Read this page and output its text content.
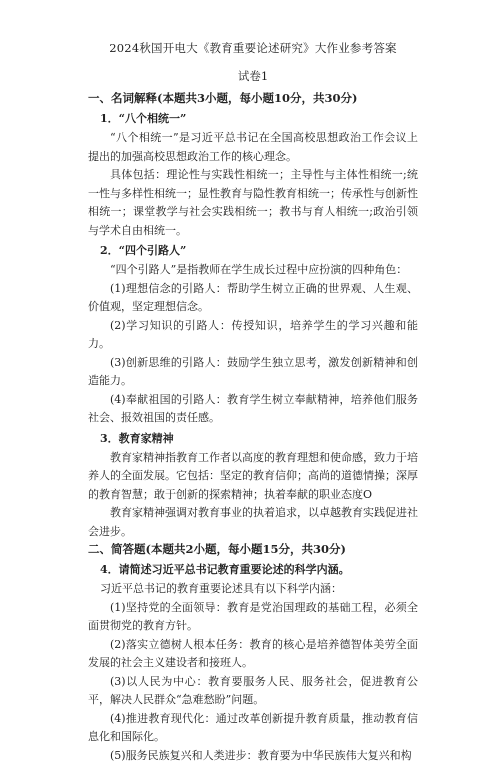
2024秋国开电大《教育重要论述研究》大作业参考答案
试卷1
一、名词解释(本题共3小题，每小题10分，共30分)
1．“八个相统一”

“八个相统一”是习近平总书记在全国高校思想政治工作会议上提出的加强高校思想政治工作的核心理念。

具体包括：理论性与实践性相统一；主导性与主体性相统一;统一性与多样性相统一；显性教育与隐性教育相统一；传承性与创新性相统一；课堂教学与社会实践相统一；教书与育人相统一;政治引领与学术自由相统一。

2．“四个引路人”

“四个引路人”是指教师在学生成长过程中应扮演的四种角色：

(1)理想信念的引路人：帮助学生树立正确的世界观、人生观、价值观，坚定理想信念。

(2)学习知识的引路人：传授知识，培养学生的学习兴趣和能力。

(3)创新思维的引路人：鼓励学生独立思考，激发创新精神和创造能力。

(4)奉献祖国的引路人：教育学生树立奉献精神，培养他们服务社会、报效祖国的责任感。

3．教育家精神

教育家精神指教育工作者以高度的教育理想和使命感，致力于培养人的全面发展。它包括：坚定的教育信仰；高尚的道德情操；深厚的教育智慧；敢于创新的探索精神；执着奉献的职业态度O

教育家精神强调对教育事业的执着追求，以卓越教育实践促进社会进步。

二、简答题(本题共2小题，每小题15分，共30分)
4．请简述习近平总书记教育重要论述的科学内涵。

习近平总书记的教育重要论述具有以下科学内涵：

(1)坚持党的全面领导：教育是党治国理政的基础工程，必须全面贯彻党的教育方针。

(2)落实立德树人根本任务：教育的核心是培养德智体美劳全面发展的社会主义建设者和接班人。

(3)以人民为中心：教育要服务人民、服务社会，促进教育公平，解决人民群众“急难愁盼”问题。

(4)推进教育现代化：通过改革创新提升教育质量，推动教育信息化和国际化。

(5)服务民族复兴和人类进步：教育要为中华民族伟大复兴和构
